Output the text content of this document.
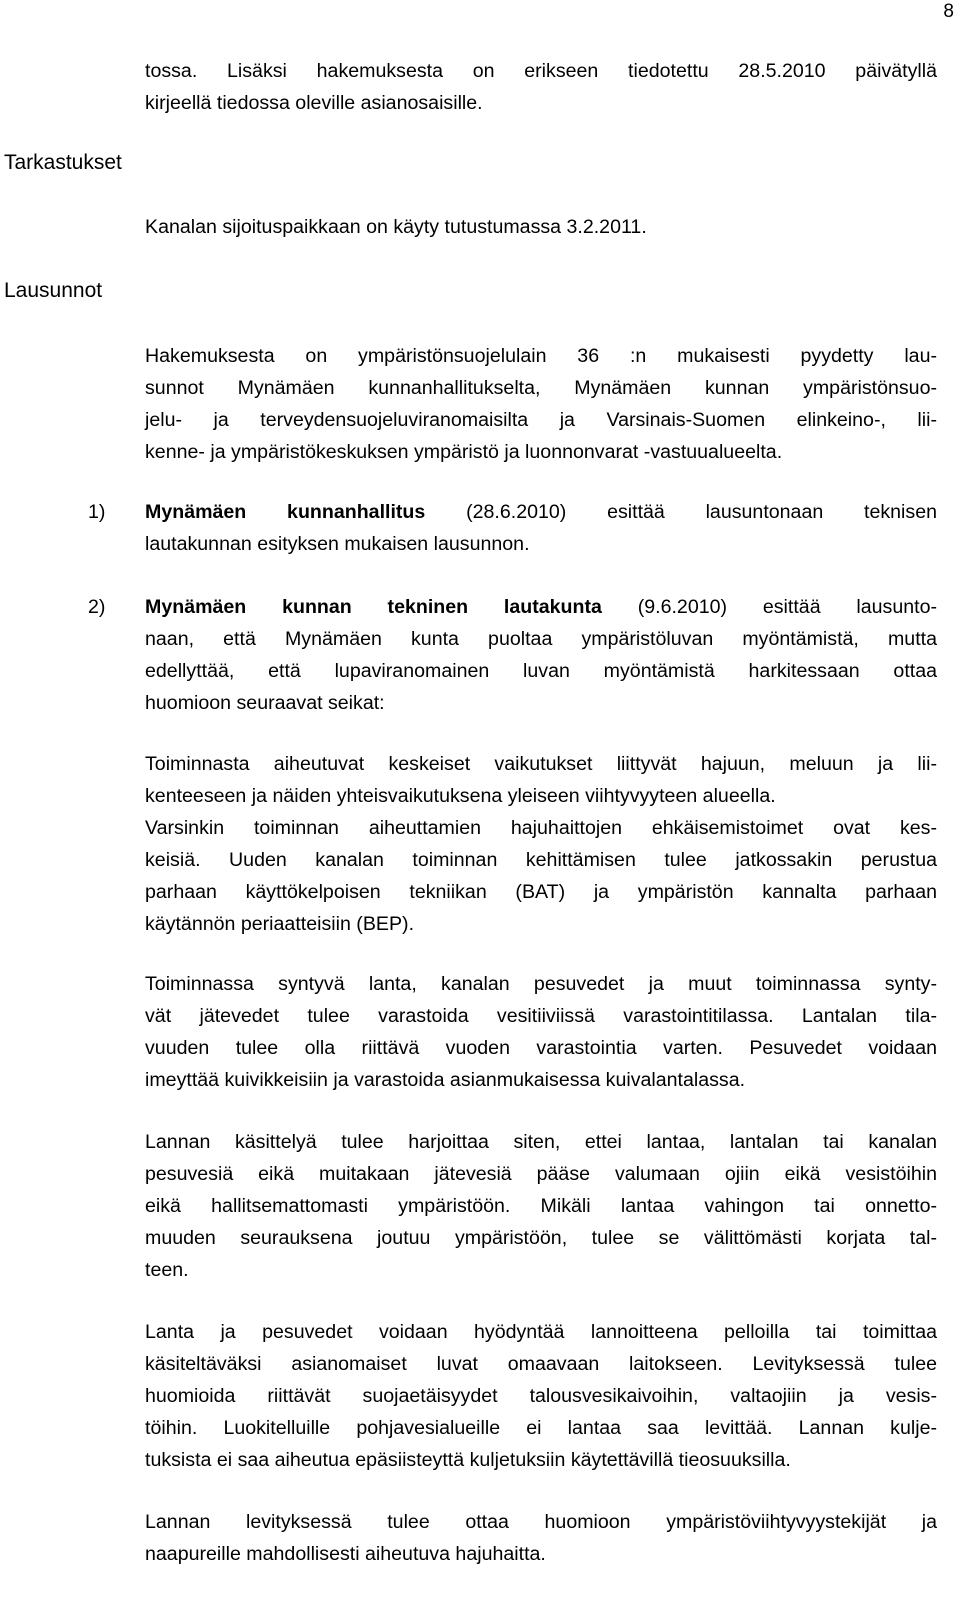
8
Tarkastukset
Lausunnot
tossa. Lisäksi hakemuksesta on erikseen tiedotettu 28.5.2010 päivätyllä
kirjeellä tiedossa oleville asianosaisille.
Kanalan sijoituspaikkaan on käyty tutustumassa 3.2.2011.
Hakemuksesta on ympäristönsuojelulain 36 :n mukaisesti pyydetty lau-
sunnot Mynämäen kunnanhallitukselta, Mynämäen kunnan ympäristönsuo-
jelu- ja terveydensuojeluviranomaisilta ja Varsinais-Suomen elinkeino-, lii-
kenne- ja ympäristökeskuksen ympäristö ja luonnonvarat -vastuualueelta.
1) Mynämäen kunnanhallitus (28.6.2010) esittää lausuntonaan teknisen
lautakunnan esityksen mukaisen lausunnon.
2) Mynämäen kunnan tekninen lautakunta (9.6.2010) esittää lausunto-
naan, että Mynämäen kunta puoltaa ympäristöluvan myöntämistä, mutta
edellyttää, että lupaviranomainen luvan myöntämistä harkitessaan ottaa
huomioon seuraavat seikat:
Toiminnasta aiheutuvat keskeiset vaikutukset liittyvät hajuun, meluun ja lii-
kenteeseen ja näiden yhteisvaikutuksena yleiseen viihtyvyyteen alueella.
Varsinkin toiminnan aiheuttamien hajuhaittojen ehkäisemistoimet ovat kes-
keisiä. Uuden kanalan toiminnan kehittämisen tulee jatkossakin perustua
parhaan käyttökelpoisen tekniikan (BAT) ja ympäristön kannalta parhaan
käytännön periaatteisiin (BEP).
Toiminnassa syntyvä lanta, kanalan pesuvedet ja muut toiminnassa synty-
vät jätevedet tulee varastoida vesitiiviissä varastointitilassa. Lantalan tila-
vuuden tulee olla riittävä vuoden varastointia varten. Pesuvedet voidaan
imeyttää kuivikkeisiin ja varastoida asianmukaisessa kuivalantalassa.
Lannan käsittelyä tulee harjoittaa siten, ettei lantaa, lantalan tai kanalan
pesuvesiä eikä muitakaan jätevesiä pääse valumaan ojiin eikä vesistöihin
eikä hallitsemattomasti ympäristöön. Mikäli lantaa vahingon tai onnetto-
muuden seurauksena joutuu ympäristöön, tulee se välittömästi korjata tal-
teen.
Lanta ja pesuvedet voidaan hyödyntää lannoitteena pelloilla tai toimittaa
käsiteltäväksi asianomaiset luvat omaavaan laitokseen. Levityksessä tulee
huomioida riittävät suojaetäisyydet talousvesikaivoihin, valtaojiin ja vesis-
töihin. Luokitelluille pohjavesialueille ei lantaa saa levittää. Lannan kulje-
tuksista ei saa aiheutua epäsiisteyttä kuljetuksiin käytettävillä tieosuuksilla.
Lannan levityksessä tulee ottaa huomioon ympäristöviihtyvyystekijät ja
naapureille mahdollisesti aiheutuva hajuhaitta.
